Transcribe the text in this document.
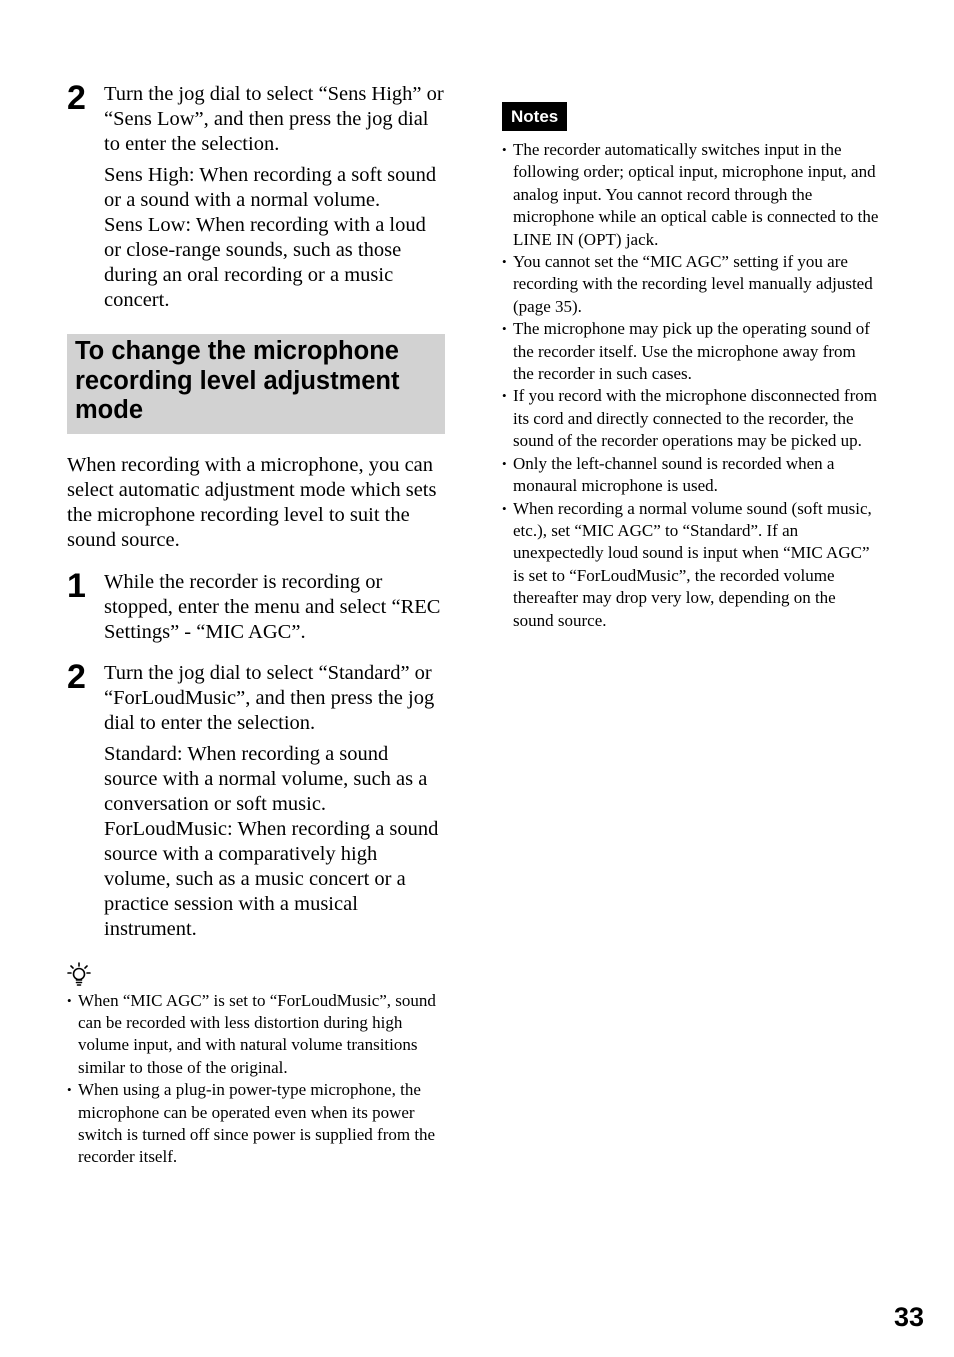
2 Turn the jog dial to select “Sens High” or “Sens Low”, and then press the jog dial to enter the selection.

Sens High: When recording a soft sound or a sound with a normal volume.
Sens Low: When recording with a loud or close-range sounds, such as those during an oral recording or a music concert.

To change the microphone recording level adjustment mode

When recording with a microphone, you can select automatic adjustment mode which sets the microphone recording level to suit the sound source.

1 While the recorder is recording or stopped, enter the menu and select “REC Settings” - “MIC AGC”.

2 Turn the jog dial to select “Standard” or “ForLoudMusic”, and then press the jog dial to enter the selection.

Standard: When recording a sound source with a normal volume, such as a conversation or soft music.
ForLoudMusic: When recording a sound source with a comparatively high volume, such as a music concert or a practice session with a musical instrument.

• When “MIC AGC” is set to “ForLoudMusic”, sound can be recorded with less distortion during high volume input, and with natural volume transitions similar to those of the original.
• When using a plug-in power-type microphone, the microphone can be operated even when its power switch is turned off since power is supplied from the recorder itself.
Notes
• The recorder automatically switches input in the following order; optical input, microphone input, and analog input. You cannot record through the microphone while an optical cable is connected to the LINE IN (OPT) jack.
• You cannot set the “MIC AGC” setting if you are recording with the recording level manually adjusted (page 35).
• The microphone may pick up the operating sound of the recorder itself. Use the microphone away from the recorder in such cases.
• If you record with the microphone disconnected from its cord and directly connected to the recorder, the sound of the recorder operations may be picked up.
• Only the left-channel sound is recorded when a monaural microphone is used.
• When recording a normal volume sound (soft music, etc.), set “MIC AGC” to “Standard”. If an unexpectedly loud sound is input when “MIC AGC” is set to “ForLoudMusic”, the recorded volume thereafter may drop very low, depending on the sound source.
33
